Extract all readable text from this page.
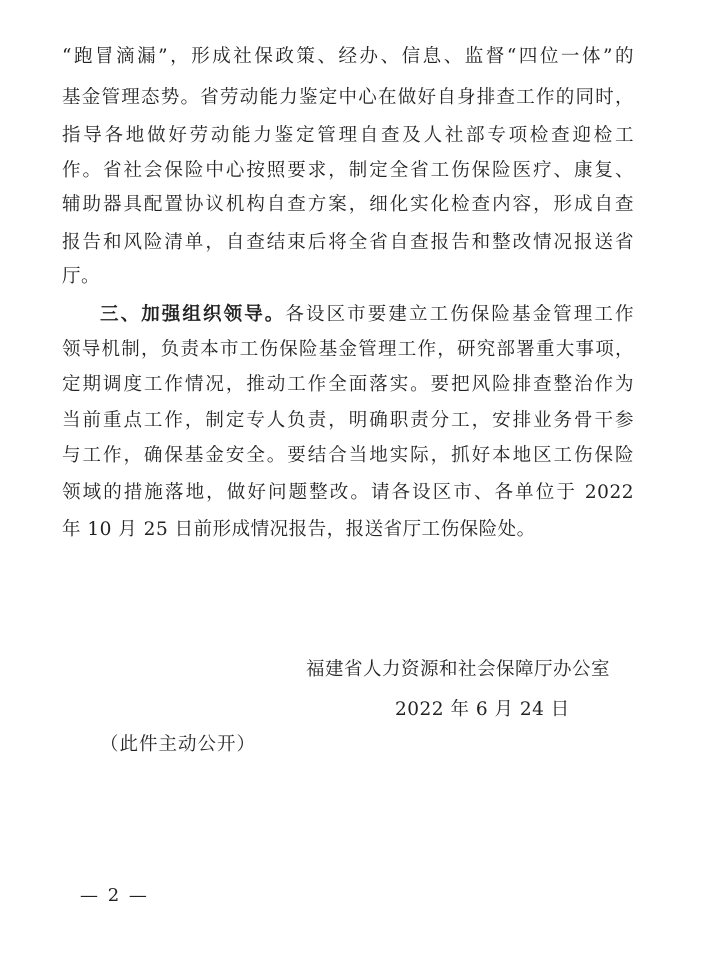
“跑冒滴漏”，形成社保政策、经办、信息、监督“四位一体”的
基金管理态势。省劳动能力鉴定中心在做好自身排查工作的同时，
指导各地做好劳动能力鉴定管理自查及人社部专项检查迎检工
作。省社会保险中心按照要求，制定全省工伤保险医疗、康复、
辅助器具配置协议机构自查方案，细化实化检查内容，形成自查
报告和风险清单，自查结束后将全省自查报告和整改情况报送省
厅。
三、加强组织领导。各设区市要建立工伤保险基金管理工作
领导机制，负责本市工伤保险基金管理工作，研究部署重大事项，
定期调度工作情况，推动工作全面落实。要把风险排查整治作为
当前重点工作，制定专人负责，明确职责分工，安排业务骨干参
与工作，确保基金安全。要结合当地实际，抓好本地区工伤保险
领域的措施落地，做好问题整改。请各设区市、各单位于 2022
年 10 月 25 日前形成情况报告，报送省厅工伤保险处。
福建省人力资源和社会保障厅办公室
2022 年 6 月 24 日
（此件主动公开）
— 2 —
